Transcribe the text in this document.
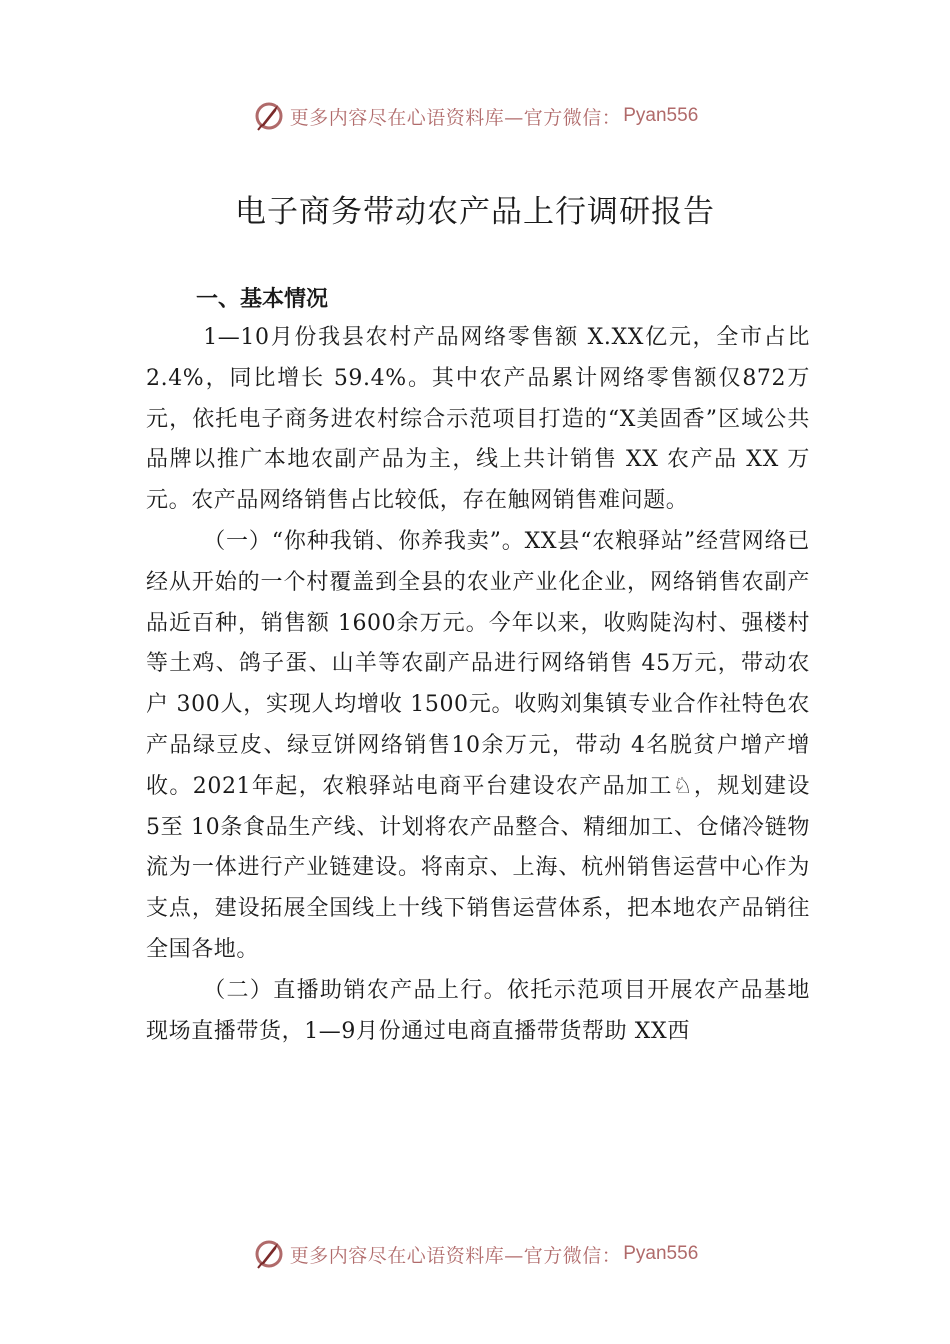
更多内容尽在心语资料库—官方微信： Pyan556
电子商务带动农产品上行调研报告
一、基本情况

1—10月份我县农村产品网络零售额 X.XX亿元，全市占比 2.4%，同比增长 59.4%。其中农产品累计网络零售额仅872万元，依托电子商务进农村综合示范项目打造的“X美固香”区域公共品牌以推广本地农副产品为主，线上共计销售 XX 农产品 XX 万元。农产品网络销售占比较低，存在触网销售难问题。

（一）“你种我销、你养我卖”。XX县“农粮驿站”经营网络已经从开始的一个村覆盖到全县的农业产业化企业，网络销售农副产品近百种，销售额 1600余万元。今年以来，收购陡沟村、强楼村等土鸡、鸽子蛋、山羊等农副产品进行网络销售 45万元，带动农户 300人，实现人均增收 1500元。收购刘集镇专业合作社特色农产品绿豆皮、绿豆饼网络销售10余万元，带动 4名脱贫户增产增收。2021年起，农粮驿站电商平台建设农产品加工♘，规划建设 5至 10条食品生产线、计划将农产品整合、精细加工、仓储冷链物流为一体进行产业链建设。将南京、上海、杭州销售运营中心作为支点，建设拓展全国线上十线下销售运营体系，把本地农产品销往全国各地。

（二）直播助销农产品上行。依托示范项目开展农产品基地现场直播带货，1—9月份通过电商直播带货帮助 XX西

更多内容尽在心语资料库—官方微信： Pyan556
